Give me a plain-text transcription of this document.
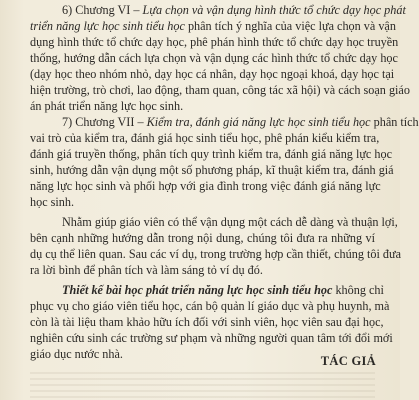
6) Chương VI – Lựa chọn và vận dụng hình thức tổ chức dạy học phát
triển năng lực học sinh tiểu học phân tích ý nghĩa của việc lựa chọn và vận
dụng hình thức tổ chức dạy học, phê phán hình thức tổ chức dạy học truyền
thống, hướng dẫn cách lựa chọn và vận dụng các hình thức tổ chức dạy học
(dạy học theo nhóm nhỏ, dạy học cá nhân, dạy học ngoại khoá, dạy học tại
hiện trường, trò chơi, lao động, tham quan, công tác xã hội) và cách soạn giáo
án phát triển năng lực học sinh.
7) Chương VII – Kiểm tra, đánh giá năng lực học sinh tiểu học phân tích
vai trò của kiểm tra, đánh giá học sinh tiểu học, phê phán kiểu kiểm tra,
đánh giá truyền thống, phân tích quy trình kiểm tra, đánh giá năng lực học
sinh, hướng dẫn vận dụng một số phương pháp, kĩ thuật kiểm tra, đánh giá
năng lực học sinh và phối hợp với gia đình trong việc đánh giá năng lực
học sinh.
Nhằm giúp giáo viên có thể vận dụng một cách dễ dàng và thuận lợi,
bên cạnh những hướng dẫn trong nội dung, chúng tôi đưa ra những ví
dụ cụ thể liên quan. Sau các ví dụ, trong trường hợp cần thiết, chúng tôi đưa
ra lời bình để phân tích và làm sáng tỏ ví dụ đó.
Thiết kế bài học phát triển năng lực học sinh tiểu học không chỉ
phục vụ cho giáo viên tiểu học, cán bộ quản lí giáo dục và phụ huynh, mà
còn là tài liệu tham khảo hữu ích đối với sinh viên, học viên sau đại học,
nghiên cứu sinh các trường sư phạm và những người quan tâm tới đổi mới
giáo dục nước nhà.	TÁC GIẢ
